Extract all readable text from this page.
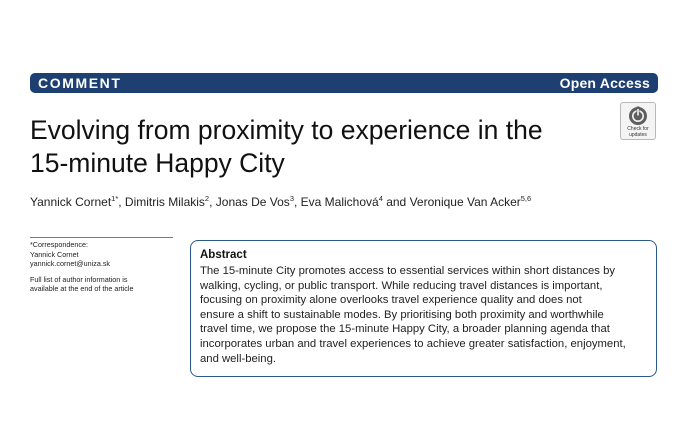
COMMENT	Open Access
Evolving from proximity to experience in the
15-minute Happy City
Check for
updates
Yannick Cornet$^{1*}$, Dimitris Milakis$^2$, Jonas De Vos$^3$, Eva Malichová$^4$ and Veronique Van Acker$^{5,6}$
*Correspondence:
Yannick Cornet
yannick.cornet@uniza.sk
Full list of author information is
available at the end of the article
Abstract

The 15-minute City promotes access to essential services within short distances by
walking, cycling, or public transport. While reducing travel distances is important,
focusing on proximity alone overlooks travel experience quality and does not
ensure a shift to sustainable modes. By prioritising both proximity and worthwhile
travel time, we propose the 15-minute Happy City, a broader planning agenda that
incorporates urban and travel experiences to achieve greater satisfaction, enjoyment,
and well-being.
